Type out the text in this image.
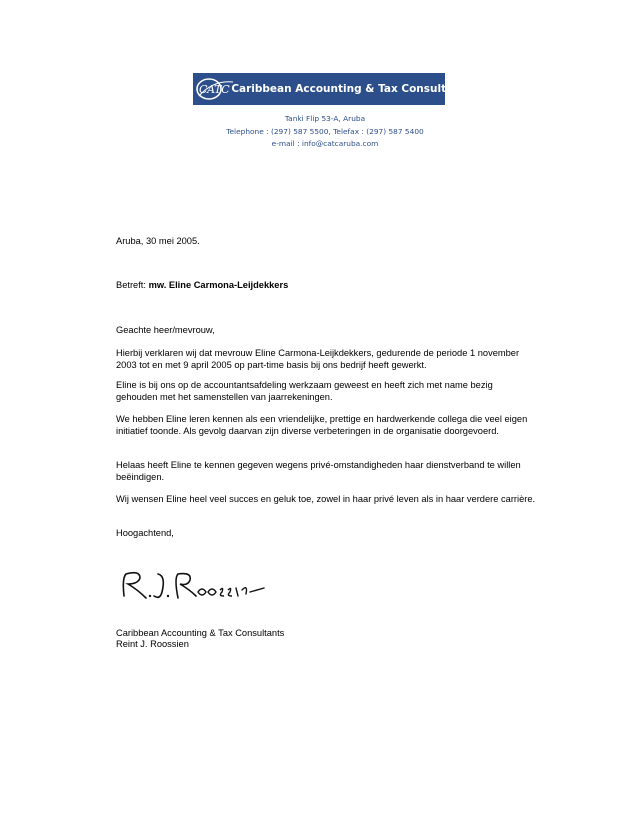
CATC Caribbean Accounting & Tax Consultants N.V.
Tanki Flip 53-A, Aruba
Telephone : (297) 587 5500, Telefax : (297) 587 5400
e-mail : info@catcaruba.com
Aruba, 30 mei 2005.
Betreft: mw. Eline Carmona-Leijdekkers
Geachte heer/mevrouw,
Hierbij verklaren wij dat mevrouw Eline Carmona-Leijkdekkers, gedurende de periode 1 november 2003 tot en met 9 april 2005 op part-time basis bij ons bedrijf heeft gewerkt.
Eline is bij ons op de accountantsafdeling werkzaam geweest en heeft zich met name bezig gehouden met het samenstellen van jaarrekeningen.
We hebben Eline leren kennen als een vriendelijke, prettige en hardwerkende collega die veel eigen initiatief toonde. Als gevolg daarvan zijn diverse verbeteringen in de organisatie doorgevoerd.
Helaas heeft Eline te kennen gegeven wegens privé-omstandigheden haar dienstverband te willen beëindigen.
Wij wensen Eline heel veel succes en geluk toe, zowel in haar privé leven als in haar verdere carrière.
Hoogachtend,
Caribbean Accounting & Tax Consultants
Reint J. Roossien
